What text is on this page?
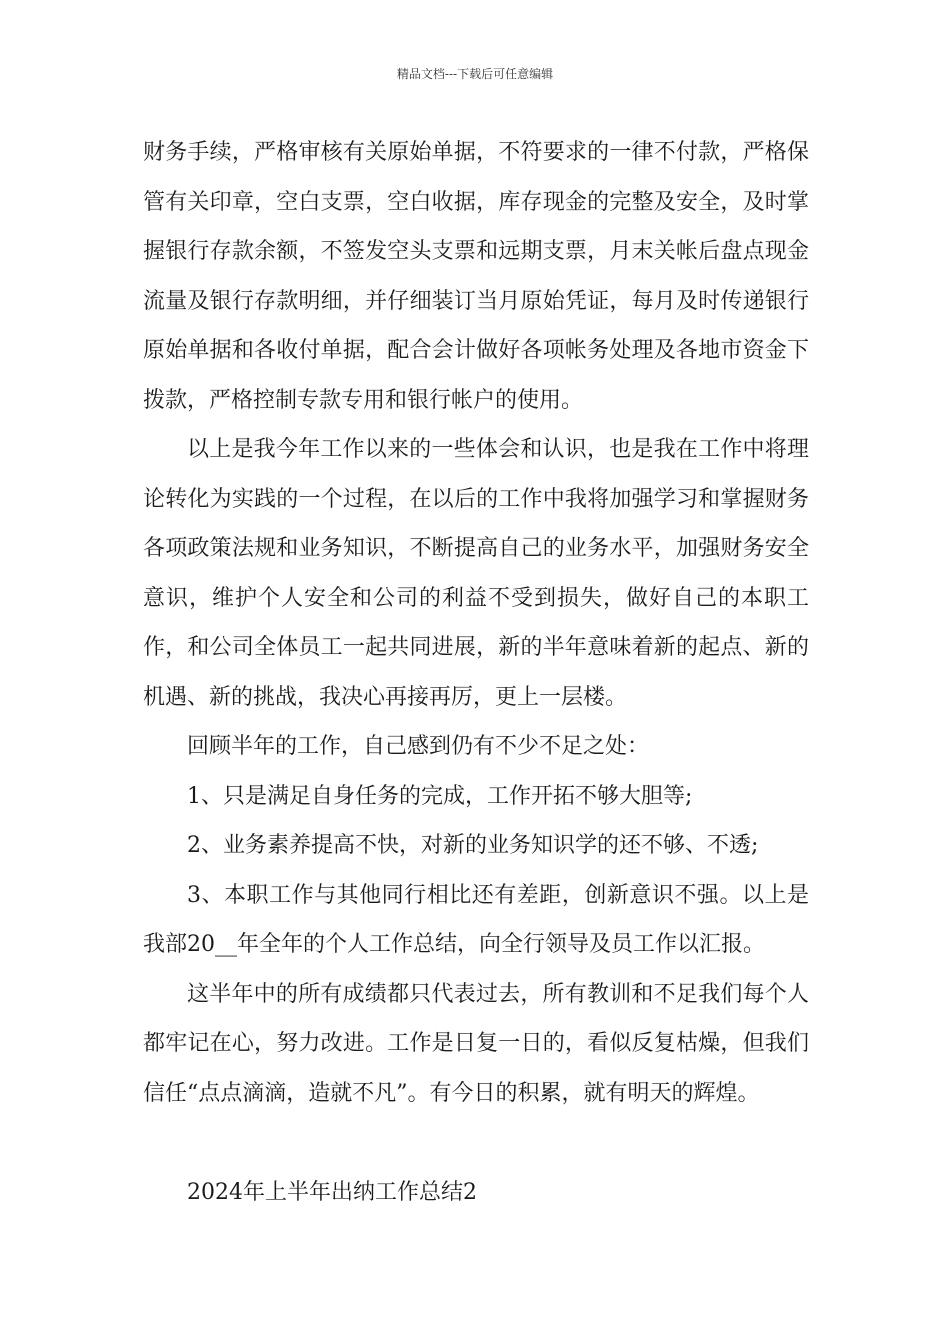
精品文档---下载后可任意编辑

财务手续，严格审核有关原始单据，不符要求的一律不付款，严格保管有关印章，空白支票，空白收据，库存现金的完整及安全，及时掌握银行存款余额，不签发空头支票和远期支票，月末关帐后盘点现金流量及银行存款明细，并仔细装订当月原始凭证，每月及时传递银行原始单据和各收付单据，配合会计做好各项帐务处理及各地市资金下拨款，严格控制专款专用和银行帐户的使用。

以上是我今年工作以来的一些体会和认识，也是我在工作中将理论转化为实践的一个过程，在以后的工作中我将加强学习和掌握财务各项政策法规和业务知识，不断提高自己的业务水平，加强财务安全意识，维护个人安全和公司的利益不受到损失，做好自己的本职工作，和公司全体员工一起共同进展，新的半年意味着新的起点、新的机遇、新的挑战，我决心再接再厉，更上一层楼。

回顾半年的工作，自己感到仍有不少不足之处：

1、只是满足自身任务的完成，工作开拓不够大胆等;

2、业务素养提高不快，对新的业务知识学的还不够、不透;

3、本职工作与其他同行相比还有差距，创新意识不强。以上是我部20__年全年的个人工作总结，向全行领导及员工作以汇报。

这半年中的所有成绩都只代表过去，所有教训和不足我们每个人都牢记在心，努力改进。工作是日复一日的，看似反复枯燥，但我们信任“点点滴滴，造就不凡”。有今日的积累，就有明天的辉煌。

2024年上半年出纳工作总结2
